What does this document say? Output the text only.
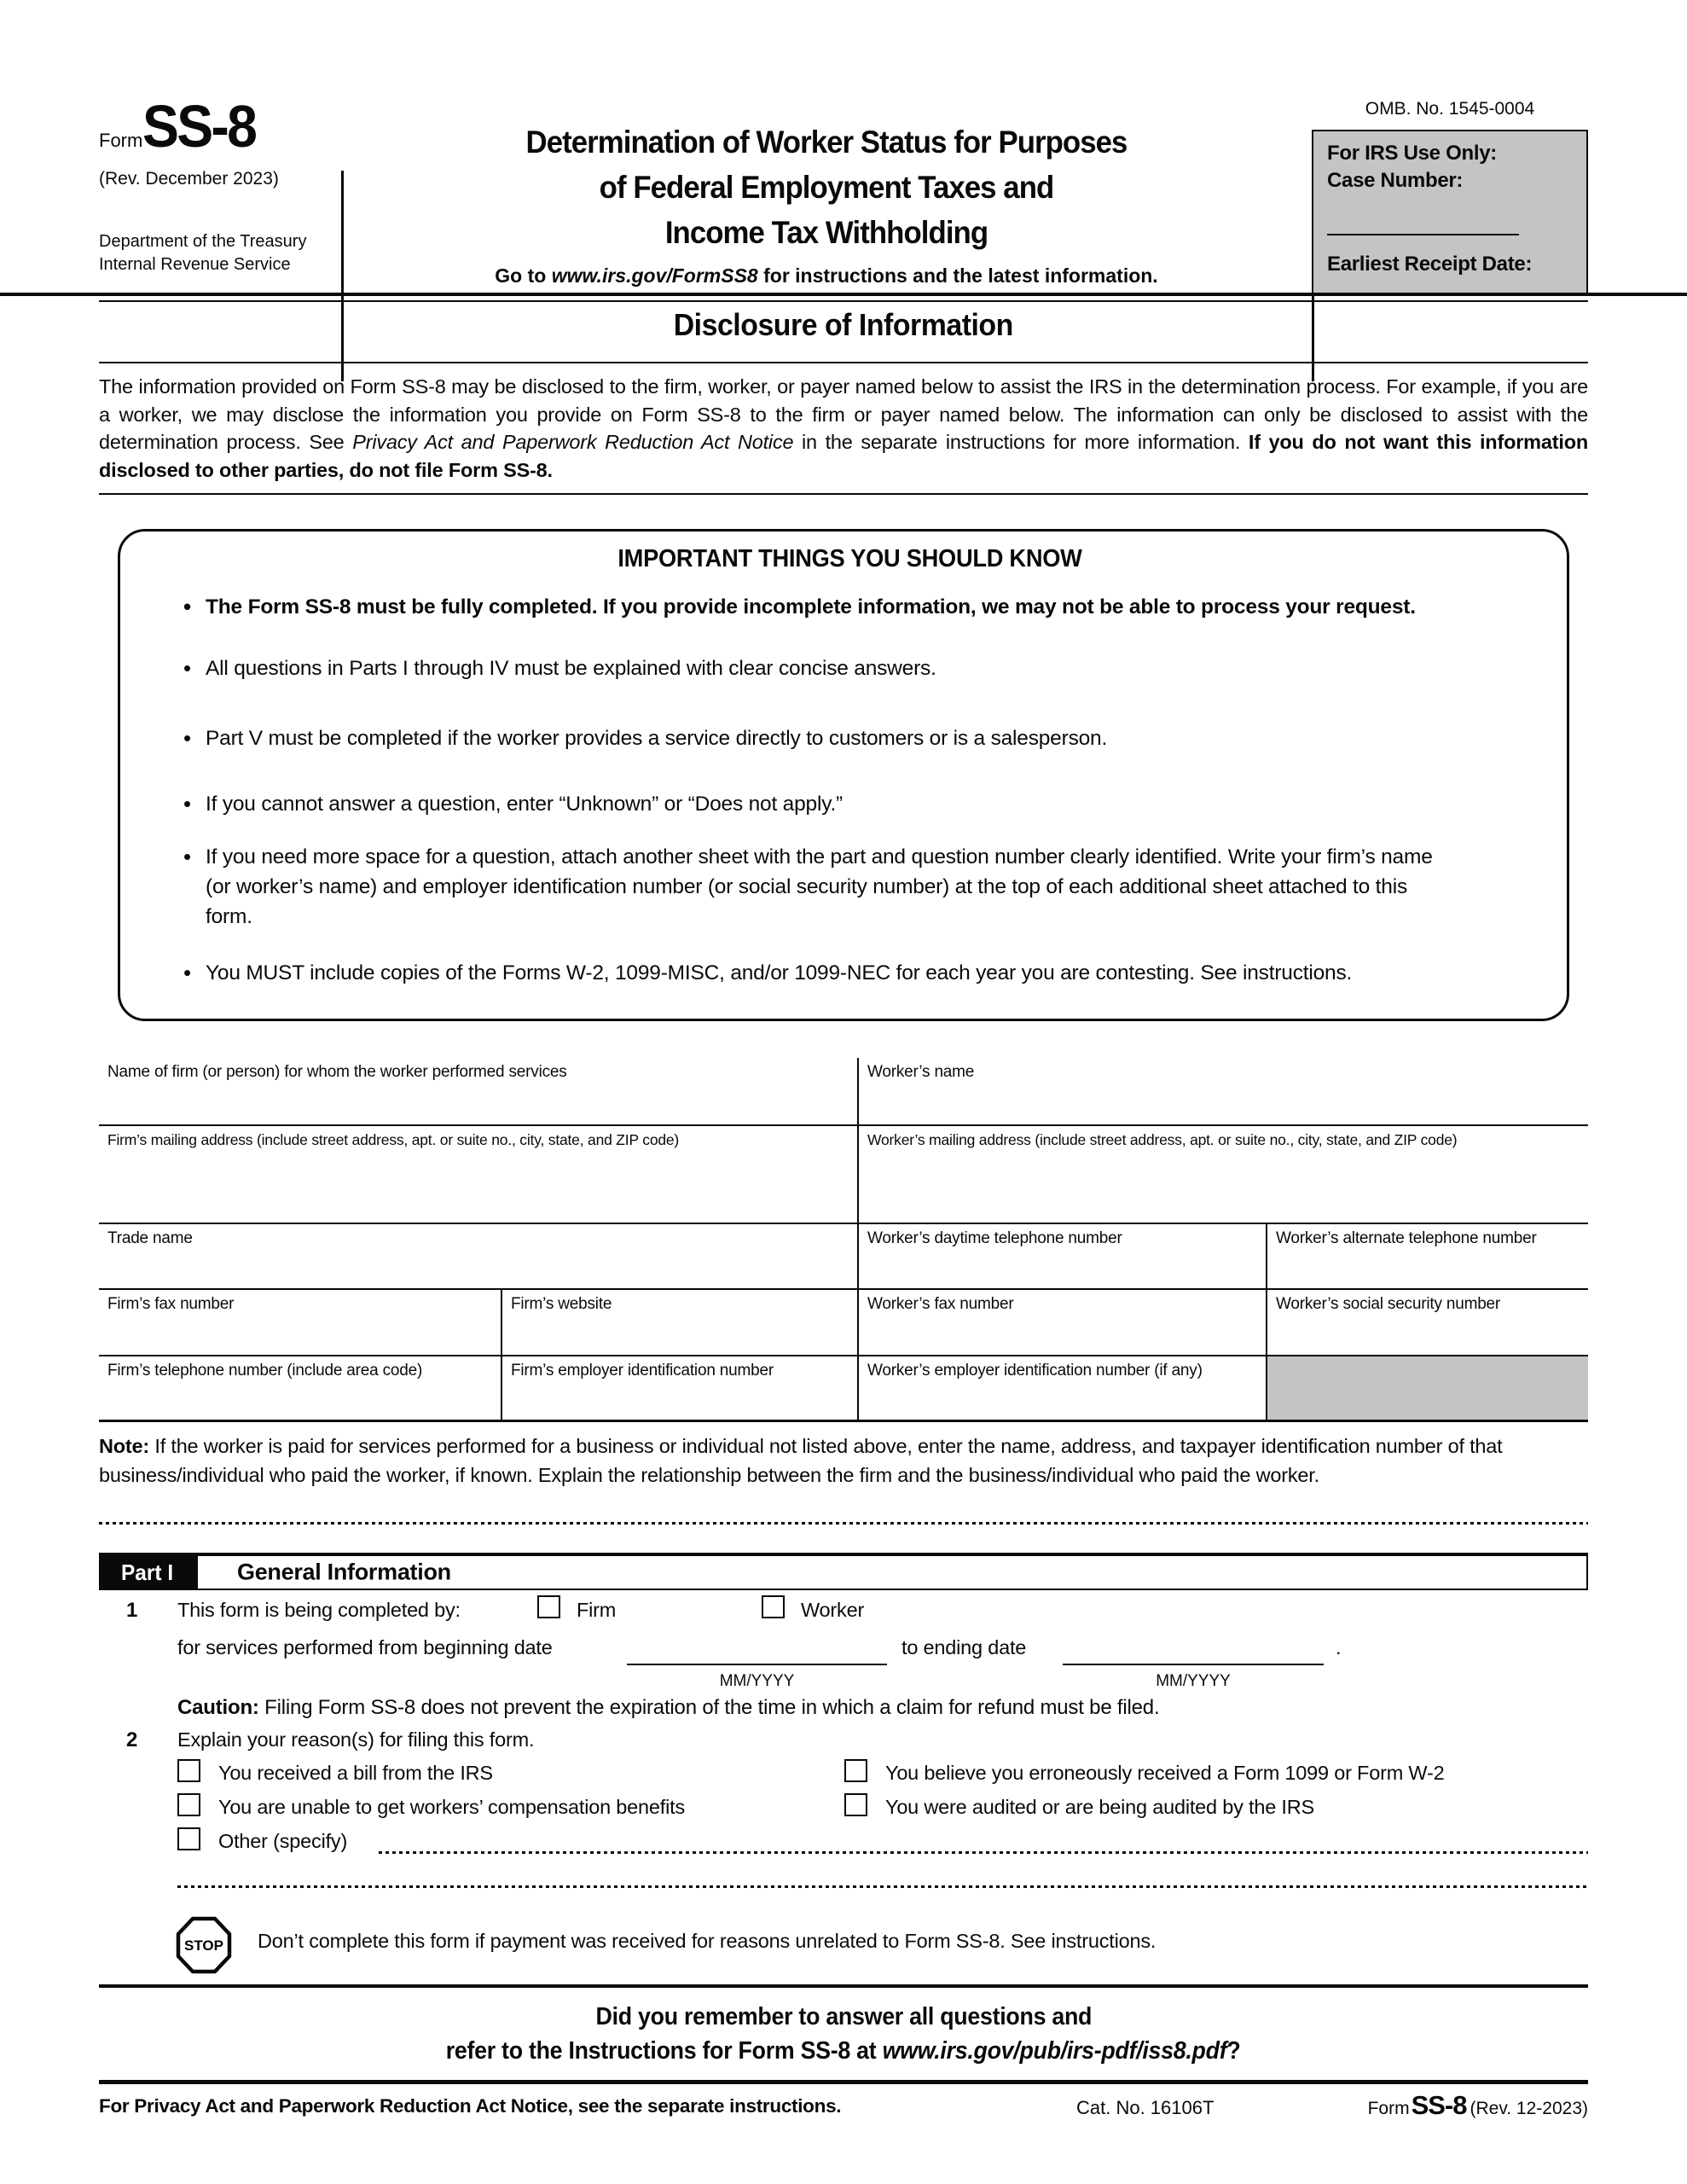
FormSS-8
(Rev. December 2023)
Department of the Treasury
Internal Revenue Service
Determination of Worker Status for Purposes
of Federal Employment Taxes and
Income Tax Withholding
Go to www.irs.gov/FormSS8 for instructions and the latest information.
OMB. No. 1545-0004
For IRS Use Only:
Case Number:
Earliest Receipt Date:
Disclosure of Information

The information provided on Form SS-8 may be disclosed to the firm, worker, or payer named below to assist the IRS in the determination process. For example, if you are a worker, we may disclose the information you provide on Form SS-8 to the firm or payer named below. The information can only be disclosed to assist with the determination process. See Privacy Act and Paperwork Reduction Act Notice in the separate instructions for more information. If you do not want this information disclosed to other parties, do not file Form SS-8.

IMPORTANT THINGS YOU SHOULD KNOW
• The Form SS-8 must be fully completed. If you provide incomplete information, we may not be able to process your request.
• All questions in Parts I through IV must be explained with clear concise answers.
• Part V must be completed if the worker provides a service directly to customers or is a salesperson.
• If you cannot answer a question, enter “Unknown” or “Does not apply.”
• If you need more space for a question, attach another sheet with the part and question number clearly identified. Write your firm’s name (or worker’s name) and employer identification number (or social security number) at the top of each additional sheet attached to this form.
• You MUST include copies of the Forms W-2, 1099-MISC, and/or 1099-NEC for each year you are contesting. See instructions.
Name of firm (or person) for whom the worker performed services	Worker’s name
Firm’s mailing address (include street address, apt. or suite no., city, state, and ZIP code)	Worker’s mailing address (include street address, apt. or suite no., city, state, and ZIP code)
Trade name	Worker’s daytime telephone number	Worker’s alternate telephone number
Firm’s fax number	Firm’s website	Worker’s fax number	Worker’s social security number
Firm’s telephone number (include area code)	Firm’s employer identification number	Worker’s employer identification number (if any)

Note: If the worker is paid for services performed for a business or individual not listed above, enter the name, address, and taxpayer identification number of that business/individual who paid the worker, if known. Explain the relationship between the firm and the business/individual who paid the worker.

Part I	General Information
1 This form is being completed by:	Firm	Worker
for services performed from beginning date
MM/YYYY
to ending date
MM/YYYY
.

Caution: Filing Form SS-8 does not prevent the expiration of the time in which a claim for refund must be filed.

2 Explain your reason(s) for filing this form.
You received a bill from the IRS	You believe you erroneously received a Form 1099 or Form W-2
You are unable to get workers’ compensation benefits	You were audited or are being audited by the IRS
Other (specify)
STOP Don’t complete this form if payment was received for reasons unrelated to Form SS-8. See instructions.
Did you remember to answer all questions and
refer to the Instructions for Form SS-8 at www.irs.gov/pub/irs-pdf/iss8.pdf?
For Privacy Act and Paperwork Reduction Act Notice, see the separate instructions.	Cat. No. 16106T	Form SS-8 (Rev. 12-2023)
